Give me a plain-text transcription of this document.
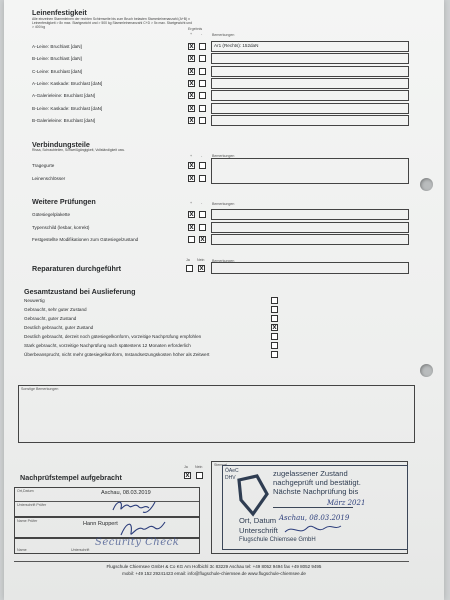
Leinenfestigkeit
Alle einzelnen Stammleinen der rechten Schirmseite bis zum Bruch belasten Stammleinenanzahl (A+B) x Leinenfestigkeit > 8x max. Startgewicht und > 500 kg Stammleinenanzahl C+D > 5x max. Startgewicht und > 400 kg	Ergebnis
+ -	Bemerkungen
A-Leine: Bruchlast [daN]	X	Ar1 (Rechts): 152daN
B-Leine: Bruchlast [daN]	X
C-Leine: Bruchlast [daN]	X
A-Leine: Kaskade: Bruchlast [daN]	X
A-Galerieleine: Bruchlast [daN]	X
B-Leine: Kaskade: Bruchlast [daN]	X
B-Galerieleine: Bruchlast [daN]	X
Verbindungsteile
Rissa, Schraubteilen, Schweißgängigkeit, Vollständigkeit usw.
+ -	Bemerkungen
Tragegurte	X
Leinenschlösser	X
Weitere Prüfungen	+ -	Bemerkungen
Gütesiegelplakette	X
Typenschild (lesbar, korrekt)	X
Festgestellte Modifikationen zum Gütesiegelzustand	X
Reparaturen durchgeführt
Ja Nein Bemerkungen
X
Gesamtzustand bei Auslieferung
Neuwertig
Gebraucht, sehr guter Zustand
Gebraucht, guter Zustand
Deutlich gebraucht, guter Zustand	X
Deutlich gebraucht, derzeit noch gütesiegelkonform, vorzeitige Nachprüfung empfohlen
Stark gebraucht, vorzeitige Nachprüfung nach spätestens 12 Monaten erforderlich
Überbeansprucht, nicht mehr gütesiegelkonform, Instandsetzungskosten höher als Zeitwert
Sonstige Bemerkungen
Nachprüfstempel aufgebracht
Ja Nein
X
Ort,Datum	Aschau, 08.03.2019
Unterschrift Prüfer
Name Prüfer	Hann Ruppert
Name	Unterschrift
Security Check
Stempel
ÖAeC
DHV	zugelassener Zustand
nachgeprüft und bestätigt.
Nächste Nachprüfung bis
März 2021
Ort, Datum Aschau, 08.03.2019
Unterschrift
Flugschule Chiemsee GmbH
Flugschule Chiemsee GmbH & Co KG Am Hofbichl 3c 83229 Aschau tel: +49 8052 9494 fax +49 8052 9495
mobil: +49 152 29241423 email: info@flugschule-chiemsee.de www.flugschule-chiemsee.de
